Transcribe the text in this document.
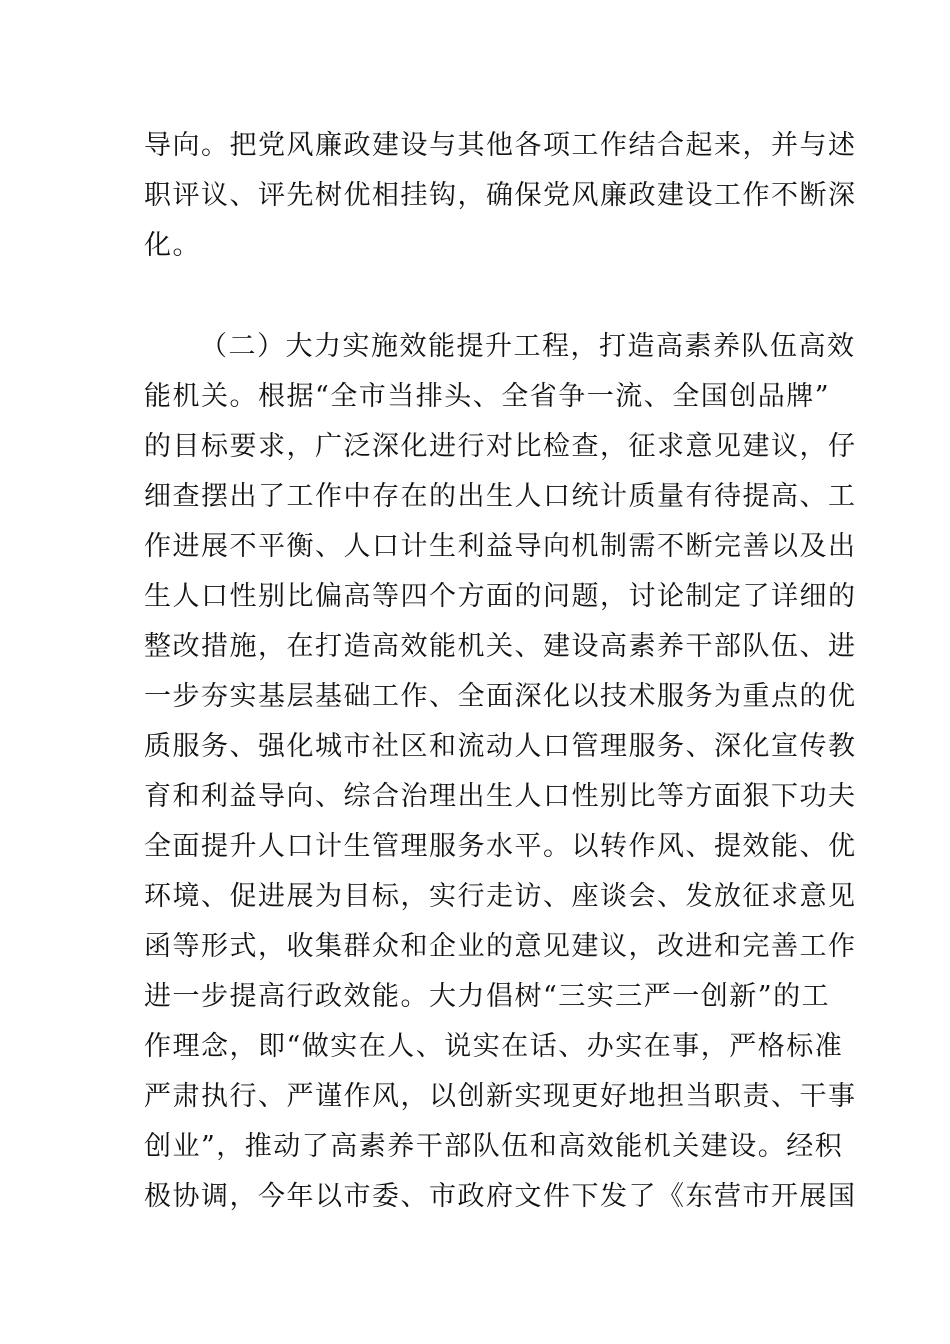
导向。把党风廉政建设与其他各项工作结合起来，并与述
职评议、评先树优相挂钩，确保党风廉政建设工作不断深
化。

（二）大力实施效能提升工程，打造高素养队伍高效
能机关。根据“全市当排头、全省争一流、全国创品牌”
的目标要求，广泛深化进行对比检查，征求意见建议，仔
细查摆出了工作中存在的出生人口统计质量有待提高、工
作进展不平衡、人口计生利益导向机制需不断完善以及出
生人口性别比偏高等四个方面的问题，讨论制定了详细的
整改措施，在打造高效能机关、建设高素养干部队伍、进
一步夯实基层基础工作、全面深化以技术服务为重点的优
质服务、强化城市社区和流动人口管理服务、深化宣传教
育和利益导向、综合治理出生人口性别比等方面狠下功夫
全面提升人口计生管理服务水平。以转作风、提效能、优
环境、促进展为目标，实行走访、座谈会、发放征求意见
函等形式，收集群众和企业的意见建议，改进和完善工作
进一步提高行政效能。大力倡树“三实三严一创新”的工
作理念，即“做实在人、说实在话、办实在事，严格标准
严肃执行、严谨作风，以创新实现更好地担当职责、干事
创业”，推动了高素养干部队伍和高效能机关建设。经积
极协调，今年以市委、市政府文件下发了《东营市开展国
